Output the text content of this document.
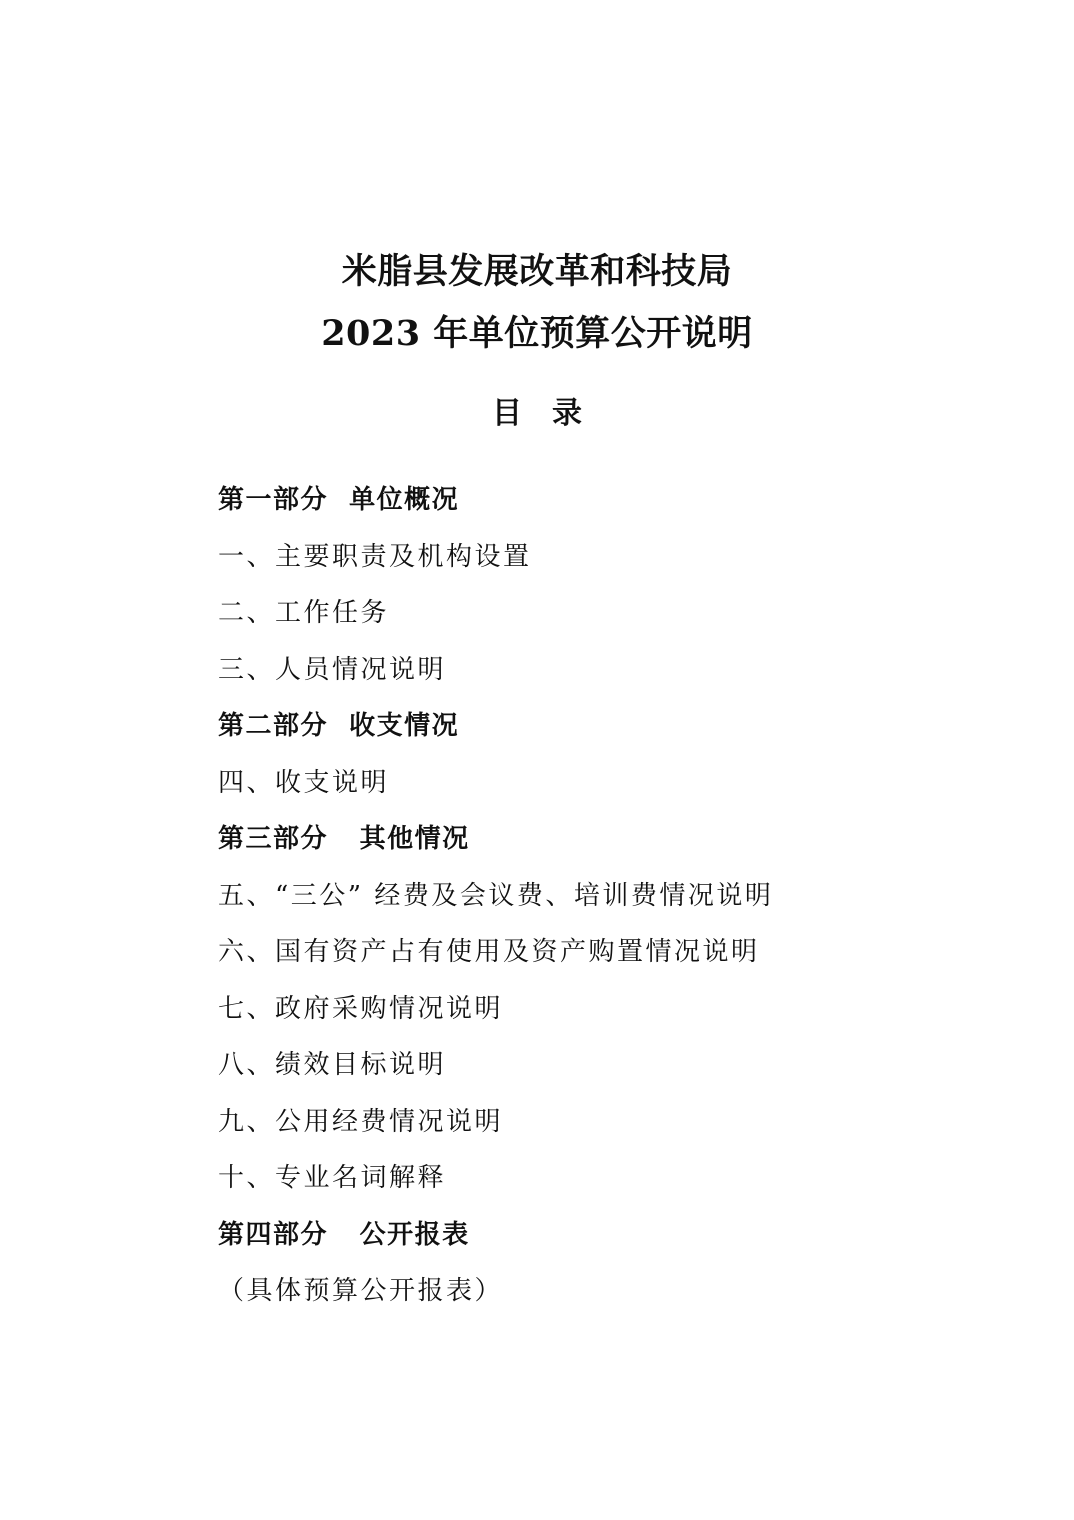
米脂县发展改革和科技局
2023 年单位预算公开说明
目录
第一部分  单位概况
一、主要职责及机构设置
二、工作任务
三、人员情况说明
第二部分  收支情况
四、收支说明
第三部分   其他情况
五、“三公” 经费及会议费、培训费情况说明
六、国有资产占有使用及资产购置情况说明
七、政府采购情况说明
八、绩效目标说明
九、公用经费情况说明
十、专业名词解释
第四部分   公开报表
（具体预算公开报表）
